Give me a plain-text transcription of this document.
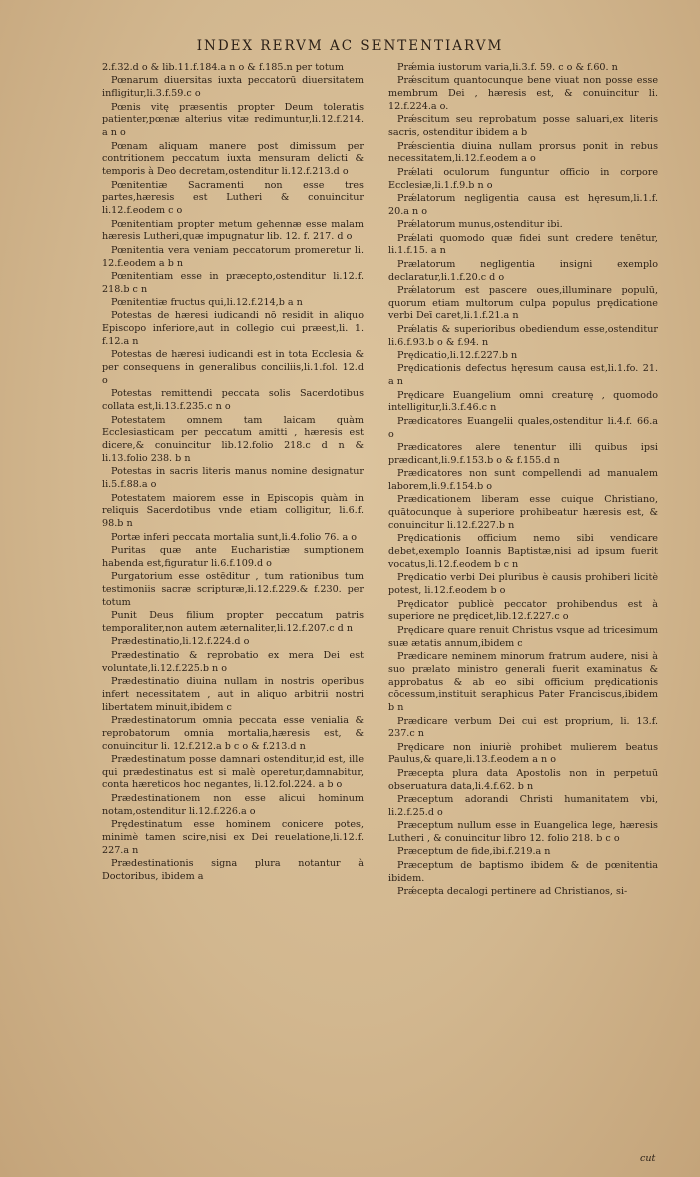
INDEX RERVM AC SENTENTIARVM

2.f.32.d o & lib.11.f.184.a n o & f.185.n per totum

Pœnarum diuersitas iuxta peccatorū diuersitatem infligitur,li.3.f.59.c o

Pœnis vitę præsentis propter Deum toleratis patienter,pœnæ alterius vitæ redimuntur,li.12.f.214. a n o

Pœnam aliquam manere post dimissum per contritionem peccatum iuxta mensuram delicti & temporis à Deo decretam,ostenditur li.12.f.213.d o

Pœnitentiæ Sacramenti non esse tres partes,hæresis est Lutheri & conuincitur li.12.f.eodem c o

Pœnitentiam propter metum gehennæ esse malam hæresis Lutheri,quæ impugnatur lib. 12. f. 217. d o

Pœnitentia vera veniam peccatorum promeretur li. 12.f.eodem a b n

Pœnitentiam esse in præcepto,ostenditur li.12.f. 218.b c n

Pœnitentiæ fructus qui,li.12.f.214,b a n

Potestas de hæresi iudicandi nō residit in aliquo Episcopo inferiore,aut in collegio cui præest,li. 1. f.12.a n

Potestas de hæresi iudicandi est in tota Ecclesia & per consequens in generalibus conciliis,li.1.fol. 12.d o

Potestas remittendi peccata solis Sacerdotibus collata est,li.13.f.235.c n o

Potestatem omnem tam laicam quàm Ecclesiasticam per peccatum amitti , hæresis est dicere,& conuincitur lib.12.folio 218.c d n & li.13.folio 238. b n

Potestas in sacris literis manus nomine designatur li.5.f.88.a o

Potestatem maiorem esse in Episcopis quàm in reliquis Sacerdotibus vnde etiam colligitur, li.6.f. 98.b n

Portæ inferi peccata mortalia sunt,li.4.folio 76. a o

Puritas quæ ante Eucharistiæ sumptionem habenda est,figuratur li.6.f.109.d o

Purgatorium esse ostēditur , tum rationibus tum testimoniis sacræ scripturæ,li.12.f.229.& f.230. per totum

Punit Deus filium propter peccatum patris temporaliter,non autem æternaliter,li.12.f.207.c d n

Prædestinatio,li.12.f.224.d o

Prædestinatio & reprobatio ex mera Dei est voluntate,li.12.f.225.b n o

Prædestinatio diuina nullam in nostris operibus infert necessitatem , aut in aliquo arbitrii nostri libertatem minuit,ibidem c

Prædestinatorum omnia peccata esse venialia & reprobatorum omnia mortalia,hæresis est, & conuincitur li. 12.f.212.a b c o & f.213.d n

Prædestinatum posse damnari ostenditur,id est, ille qui prædestinatus est si malè operetur,damnabitur, conta hæreticos hoc negantes, li.12.fol.224. a b o

Prædestinationem non esse alicui hominum notam,ostenditur li.12.f.226.a o

Prędestinatum esse hominem conicere potes, minimè tamen scire,nisi ex Dei reuelatione,li.12.f. 227.a n

Prædestinationis signa plura notantur à Doctoribus, ibidem a

Prǽmia iustorum varia,li.3.f. 59. c o & f.60. n

Prǽscitum quantocunque bene viuat non posse esse membrum Dei , hæresis est, & conuincitur li. 12.f.224.a o.

Prǽscitum seu reprobatum posse saluari,ex literis sacris, ostenditur ibidem a b

Prǽscientia diuina nullam prorsus ponit in rebus necessitatem,li.12.f.eodem a o

Prǽlati oculorum funguntur officio in corpore Ecclesiæ,li.1.f.9.b n o

Prǽlatorum negligentia causa est hęresum,li.1.f. 20.a n o

Prǽlatorum munus,ostenditur ibi.

Prǽlati quomodo quæ fidei sunt credere tenētur, li.1.f.15. a n

Prælatorum negligentia insigni exemplo declaratur,li.1.f.20.c d o

Prǽlatorum est pascere oues,illuminare populū, quorum etiam multorum culpa populus prędicatione verbi Deī caret,li.1.f.21.a n

Prǽlatis & superioribus obediendum esse,ostenditur li.6.f.93.b o & f.94. n

Prędicatio,li.12.f.227.b n

Prędicationis defectus hęresum causa est,li.1.fo. 21. a n

Prędicare Euangelium omni creaturę , quomodo intelligitur,li.3.f.46.c n

Prædicatores Euangelii quales,ostenditur li.4.f. 66.a o

Prædicatores alere tenentur illi quibus ipsi prædicant,li.9.f.153.b o & f.155.d n

Prædicatores non sunt compellendi ad manualem laborem,li.9.f.154.b o

Prædicationem liberam esse cuique Christiano, quātocunque à superiore prohibeatur hæresis est, & conuincitur li.12.f.227.b n

Prędicationis officium nemo sibi vendicare debet,exemplo Ioannis Baptistæ,nisi ad ipsum fuerit vocatus,li.12.f.eodem b c n

Prędicatio verbi Dei pluribus è causis prohiberi licitè potest, li.12.f.eodem b o

Prędicator publicè peccator prohibendus est à superiore ne prędicet,lib.12.f.227.c o

Prędicare quare renuit Christus vsque ad tricesimum suæ ætatis annum,ibidem c

Prædicare neminem minorum fratrum audere, nisi à suo prælato ministro generali fuerit examinatus & approbatus & ab eo sibi officium prędicationis cōcessum,instituit seraphicus Pater Franciscus,ibidem b n

Prædicare verbum Dei cui est proprium, li. 13.f. 237.c n

Prędicare non iniuriè prohibet mulierem beatus Paulus,& quare,li.13.f.eodem a n o

Præcepta plura data Apostolis non in perpetuū obseruatura data,li.4.f.62. b n

Præceptum adorandi Christi humanitatem vbi, li.2.f.25.d o

Præceptum nullum esse in Euangelica lege, hæresis Lutheri , & conuincitur libro 12. folio 218. b c o

Præceptum de fide,ibi.f.219.a n

Præceptum de baptismo ibidem & de pœnitentia ibidem.

Prǽcepta decalogi pertinere ad Christianos, si-

cut
